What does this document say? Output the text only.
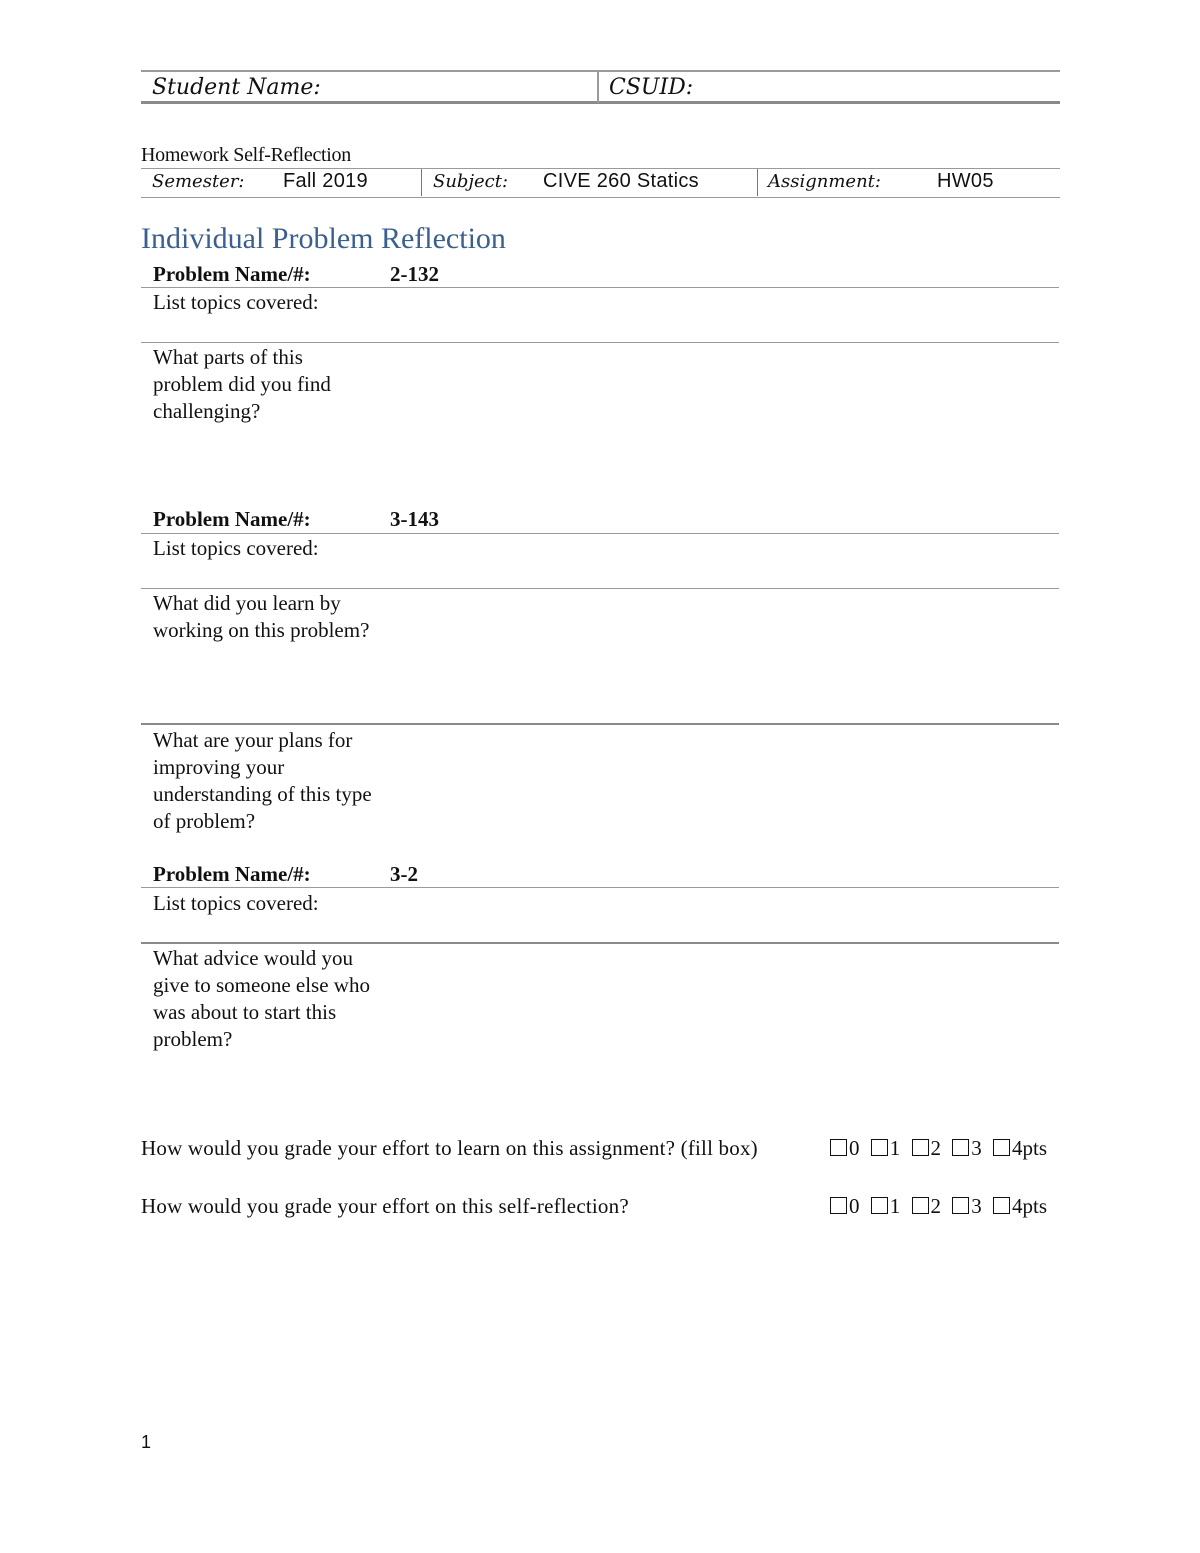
Student Name:	CSUID:
Homework Self-Reflection
Semester: Fall 2019	Subject: CIVE 260 Statics	Assignment:	HW05
Individual Problem Reflection
Problem Name/#:	2-132
List topics covered:
What parts of this problem did you find challenging?
Problem Name/#:	3-143
List topics covered:
What did you learn by working on this problem?
What are your plans for improving your understanding of this type of problem?
Problem Name/#:	3-2
List topics covered:
What advice would you give to someone else who was about to start this problem?
How would you grade your effort to learn on this assignment? (fill box)	0 1 2 3 4pts
How would you grade your effort on this self-reflection?	0 1 2 3 4pts
1
